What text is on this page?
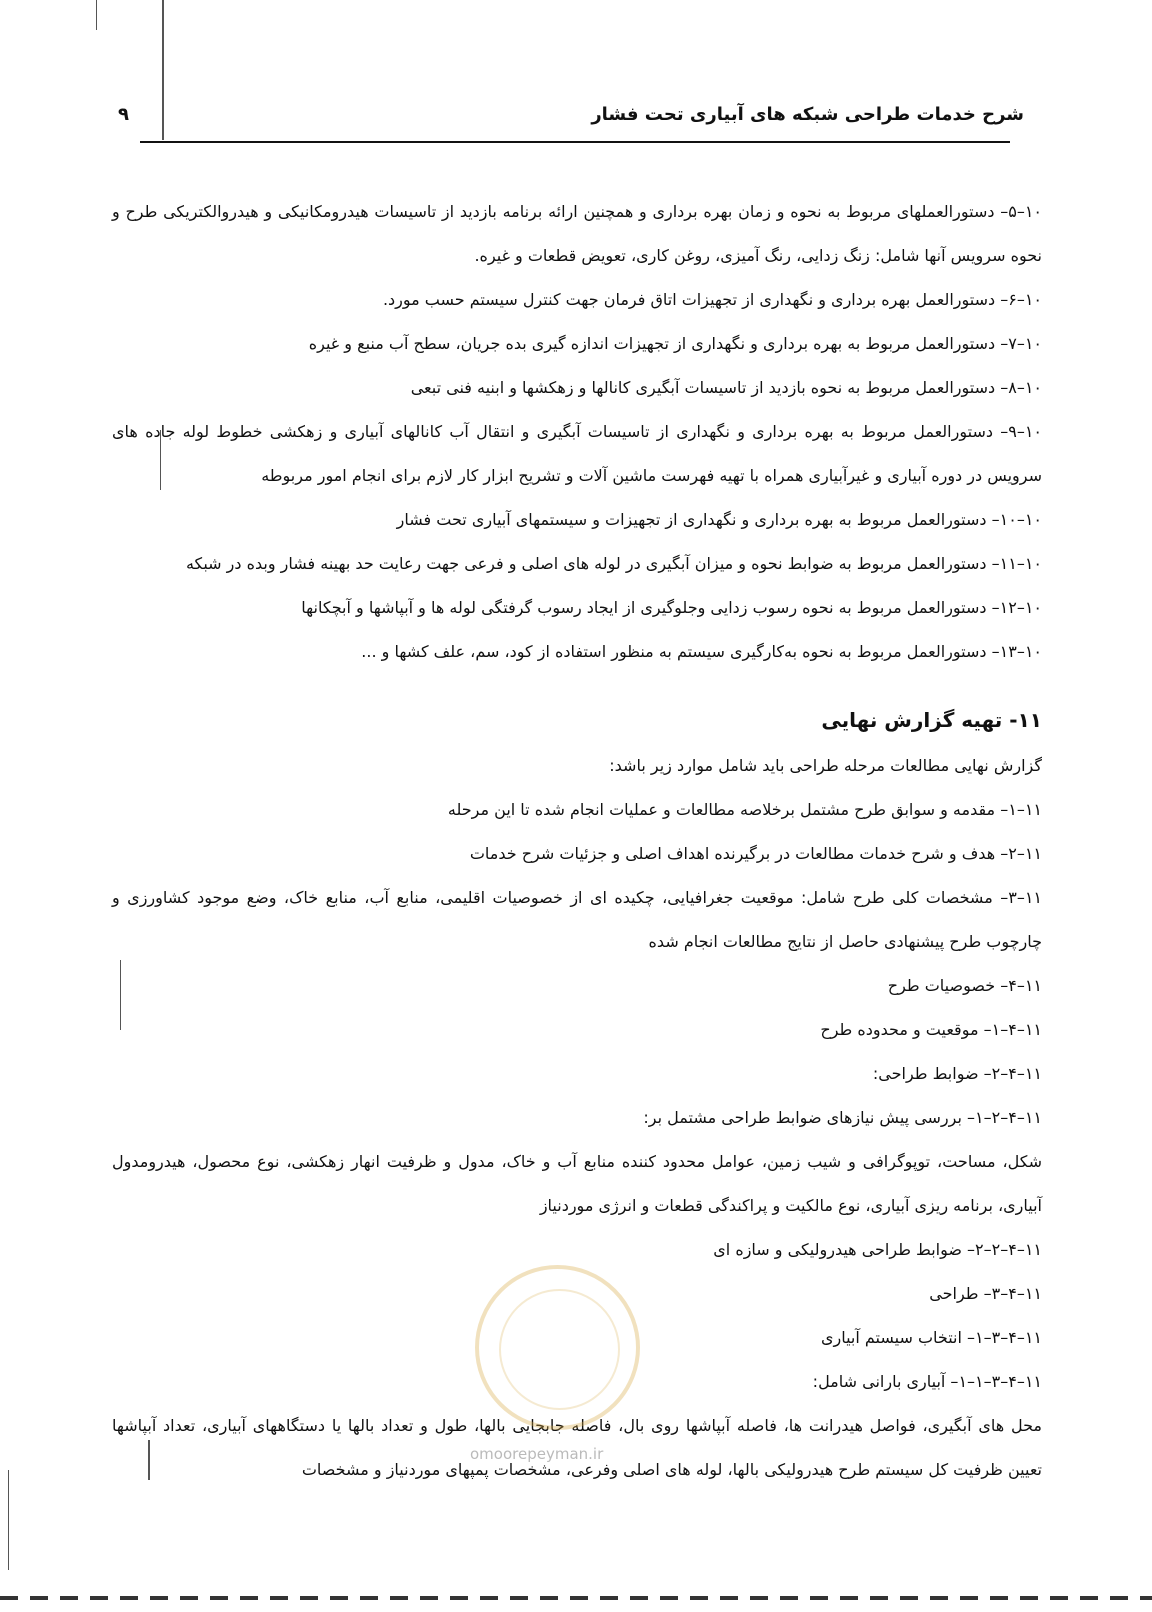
شرح خدمات طراحی شبکه های آبیاری تحت فشار
۹

۱۰–۵– دستورالعملهای مربوط به نحوه و زمان بهره برداری و همچنین ارائه برنامه بازدید از تاسیسات هیدرومکانیکی و هیدروالکتریکی طرح و نحوه سرویس آنها شامل: زنگ زدایی، رنگ آمیزی، روغن کاری، تعویض قطعات و غیره.

۱۰–۶– دستورالعمل بهره برداری و نگهداری از تجهیزات اتاق فرمان جهت کنترل سیستم حسب مورد.

۱۰–۷– دستورالعمل مربوط به بهره برداری و نگهداری از تجهیزات اندازه گیری بده جریان، سطح آب منبع و غیره

۱۰–۸– دستورالعمل مربوط به نحوه بازدید از تاسیسات آبگیری کانالها و زهکشها و ابنیه فنی تبعی

۱۰–۹– دستورالعمل مربوط به بهره برداری و نگهداری از تاسیسات آبگیری و انتقال آب کانالهای آبیاری و زهکشی خطوط لوله جاده های سرویس در دوره آبیاری و غیرآبیاری همراه با تهیه فهرست ماشین آلات و تشریح ابزار کار لازم برای انجام امور مربوطه

۱۰–۱۰– دستورالعمل مربوط به بهره برداری و نگهداری از تجهیزات و سیستمهای آبیاری تحت فشار

۱۰–۱۱– دستورالعمل مربوط به ضوابط نحوه و میزان آبگیری در لوله های اصلی و فرعی جهت رعایت حد بهینه فشار وبده در شبکه

۱۰–۱۲– دستورالعمل مربوط به نحوه رسوب زدایی وجلوگیری از ایجاد رسوب گرفتگی لوله ها و آبپاشها و آبچکانها

۱۰–۱۳– دستورالعمل مربوط به نحوه به‌کارگیری سیستم به منظور استفاده از کود، سم، علف کشها و ...

۱۱- تهیه گزارش نهایی

گزارش نهایی مطالعات مرحله طراحی باید شامل موارد زیر باشد:

۱۱–۱– مقدمه و سوابق طرح مشتمل برخلاصه مطالعات و عملیات انجام شده تا این مرحله

۱۱–۲– هدف و شرح خدمات مطالعات در برگیرنده اهداف اصلی و جزئیات شرح خدمات

۱۱–۳– مشخصات کلی طرح شامل: موقعیت جغرافیایی، چکیده ای از خصوصیات اقلیمی، منابع آب، منابع خاک، وضع موجود کشاورزی و چارچوب طرح پیشنهادی حاصل از نتایج مطالعات انجام شده

۱۱–۴– خصوصیات طرح

۱۱–۴–۱– موقعیت و محدوده طرح

۱۱–۴–۲– ضوابط طراحی:

۱۱–۴–۲–۱– بررسی پیش نیازهای ضوابط طراحی مشتمل بر:

شکل، مساحت، توپوگرافی و شیب زمین، عوامل محدود کننده منابع آب و خاک، مدول و ظرفیت انهار زهکشی، نوع محصول، هیدرومدول آبیاری، برنامه ریزی آبیاری، نوع مالکیت و پراکندگی قطعات و انرژی موردنیاز

۱۱–۴–۲–۲– ضوابط طراحی هیدرولیکی و سازه ای

۱۱–۴–۳– طراحی

۱۱–۴–۳–۱– انتخاب سیستم آبیاری

۱۱–۴–۳–۱–۱– آبیاری بارانی شامل:

محل های آبگیری، فواصل هیدرانت ها، فاصله آبپاشها روی بال، فاصله جابجایی بالها، طول و تعداد بالها یا دستگاههای آبیاری، تعداد آبپاشها تعیین ظرفیت کل سیستم طرح هیدرولیکی بالها، لوله های اصلی وفرعی، مشخصات پمپهای موردنیاز و مشخصات

omoorepeyman.ir
